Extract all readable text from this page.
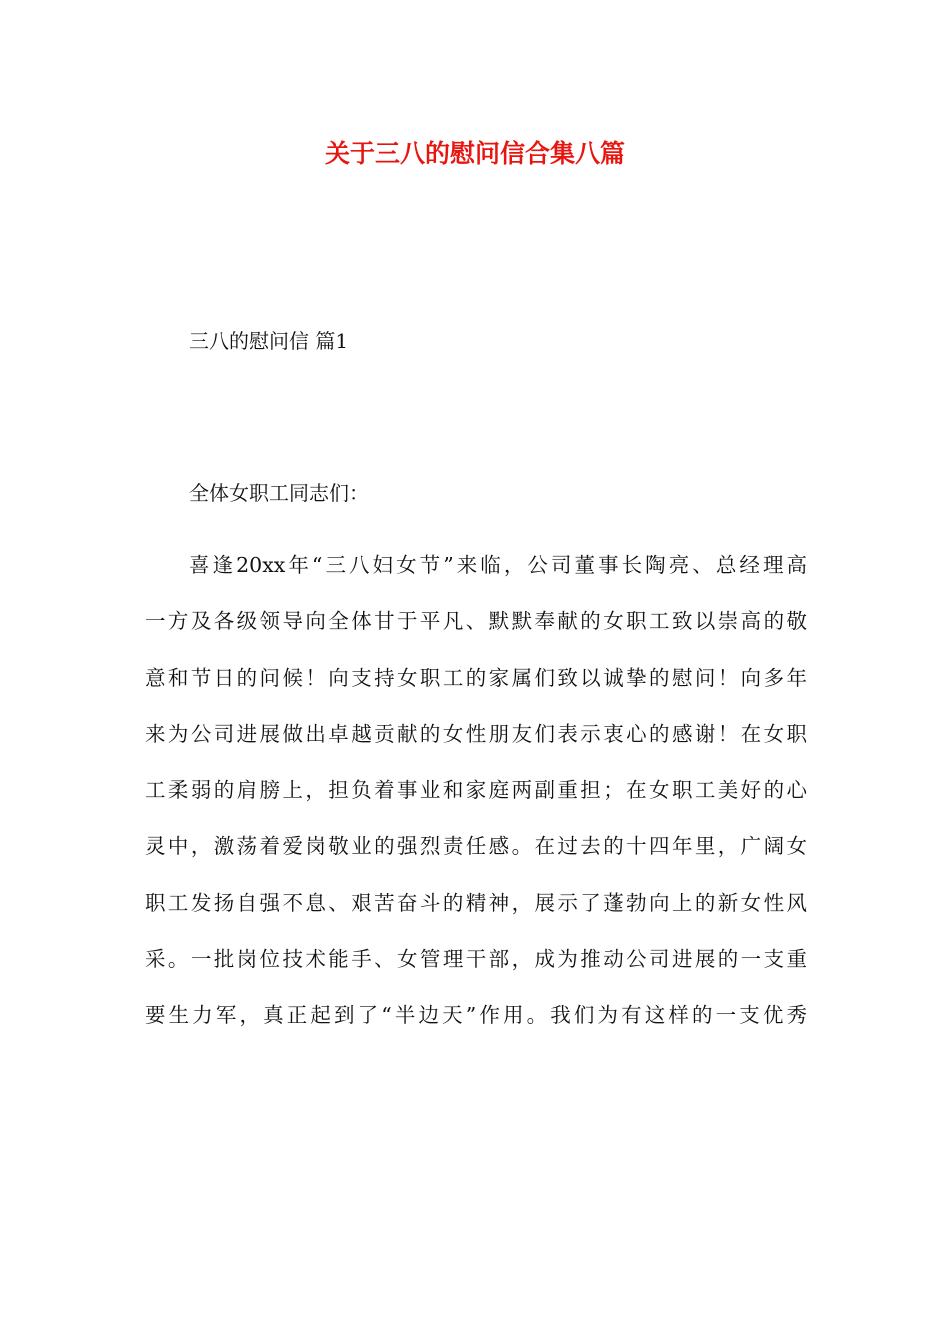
关于三八的慰问信合集八篇

三八的慰问信 篇1

全体女职工同志们：

喜逢20xx年“三八妇女节”来临，公司董事长陶亮、总经理高
一方及各级领导向全体甘于平凡、默默奉献的女职工致以崇高的敬
意和节日的问候！向支持女职工的家属们致以诚挚的慰问！向多年
来为公司进展做出卓越贡献的女性朋友们表示衷心的感谢！在女职
工柔弱的肩膀上，担负着事业和家庭两副重担；在女职工美好的心
灵中，激荡着爱岗敬业的强烈责任感。在过去的十四年里，广阔女
职工发扬自强不息、艰苦奋斗的精神，展示了蓬勃向上的新女性风
采。一批岗位技术能手、女管理干部，成为推动公司进展的一支重
要生力军，真正起到了“半边天”作用。我们为有这样的一支优秀
